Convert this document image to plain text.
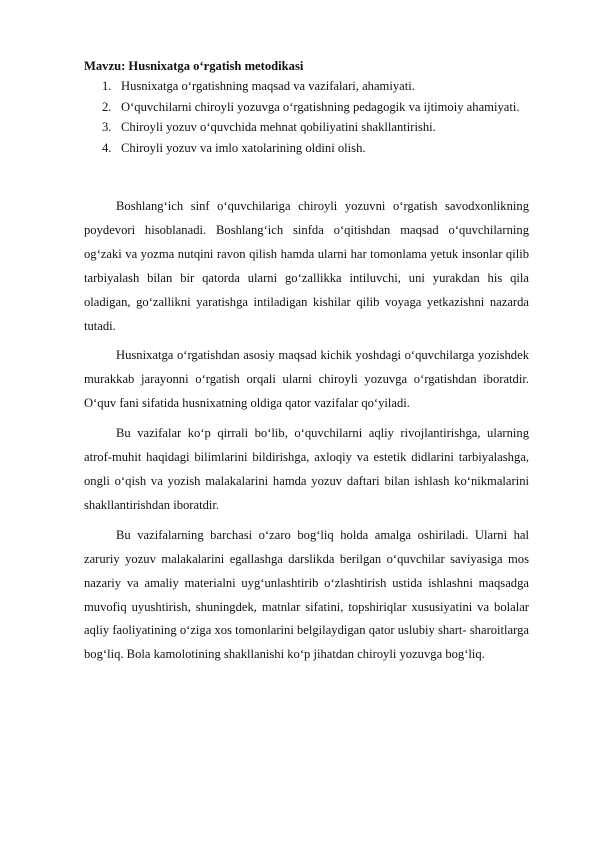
Mavzu: Husnixatga o‘rgatish metodikasi

1. Husnixatga o‘rgatishning maqsad va vazifalari, ahamiyati.
2. O‘quvchilarni chiroyli yozuvga o‘rgatishning pedagogik va ijtimoiy ahamiyati.
3. Chiroyli yozuv o‘quvchida mehnat qobiliyatini shakllantirishi.
4. Chiroyli yozuv va imlo xatolarining oldini olish.

Boshlang‘ich sinf o‘quvchilariga chiroyli yozuvni o‘rgatish savodxonlikning poydevori hisoblanadi. Boshlang‘ich sinfda o‘qitishdan maqsad o‘quvchilarning og‘zaki va yozma nutqini ravon qilish hamda ularni har tomonlama yetuk insonlar qilib tarbiyalash bilan bir qatorda ularni go‘zallikka intiluvchi, uni yurakdan his qila oladigan, go‘zallikni yaratishga intiladigan kishilar qilib voyaga yetkazishni nazarda tutadi.

Husnixatga o‘rgatishdan asosiy maqsad kichik yoshdagi o‘quvchilarga yozishdek murakkab jarayonni o‘rgatish orqali ularni chiroyli yozuvga o‘rgatishdan iboratdir. O‘quv fani sifatida husnixatning oldiga qator vazifalar qo‘yiladi.

Bu vazifalar ko‘p qirrali bo‘lib, o‘quvchilarni aqliy rivojlantirishga, ularning atrof-muhit haqidagi bilimlarini bildirishga, axloqiy va estetik didlarini tarbiyalashga, ongli o‘qish va yozish malakalarini hamda yozuv daftari bilan ishlash ko‘nikmalarini shakllantirishdan iboratdir.

Bu vazifalarning barchasi o‘zaro bog‘liq holda amalga oshiriladi. Ularni hal zaruriy yozuv malakalarini egallashga darslikda berilgan o‘quvchilar saviyasiga mos nazariy va amaliy materialni uyg‘unlashtirib o‘zlashtirish ustida ishlashni maqsadga muvofiq uyushtirish, shuningdek, matnlar sifatini, topshiriqlar xususiyatini va bolalar aqliy faoliyatining o‘ziga xos tomonlarini belgilaydigan qator uslubiy shart- sharoitlarga bog‘liq. Bola kamolotining shakllanishi ko‘p jihatdan chiroyli yozuvga bog‘liq.
